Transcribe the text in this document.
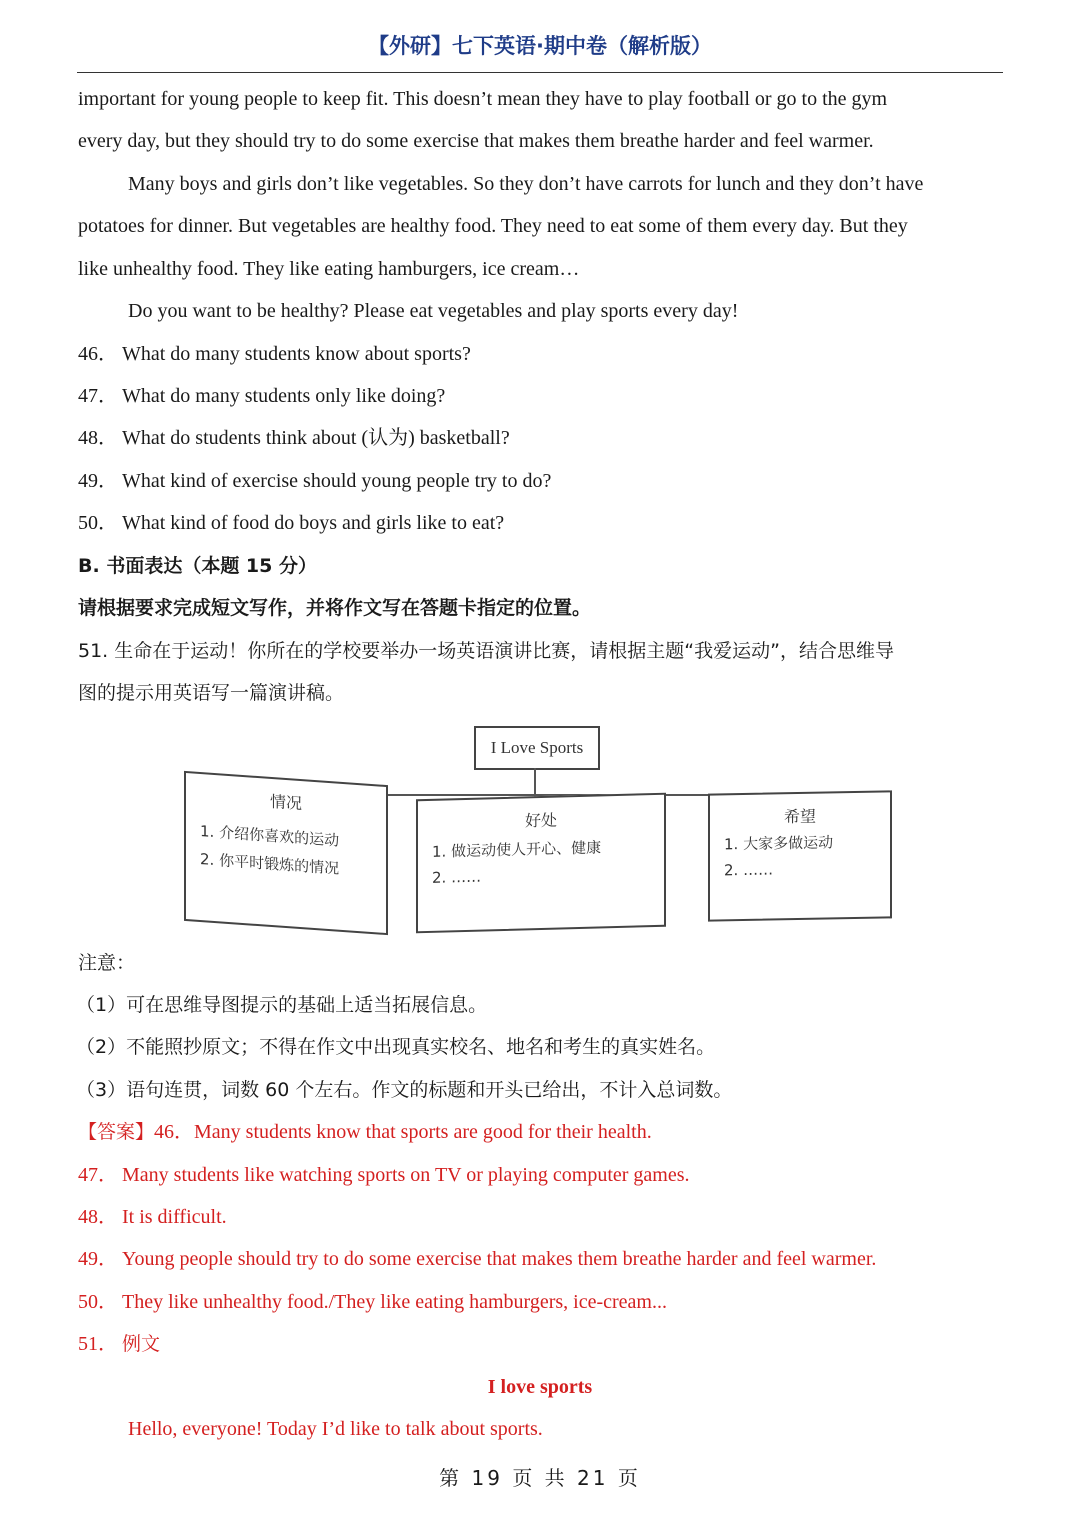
【外研】七下英语·期中卷（解析版）
important for young people to keep fit. This doesn’t mean they have to play football or go to the gym
every day, but they should try to do some exercise that makes them breathe harder and feel warmer.
Many boys and girls don’t like vegetables. So they don’t have carrots for lunch and they don’t have
potatoes for dinner. But vegetables are healthy food. They need to eat some of them every day. But they
like unhealthy food. They like eating hamburgers, ice cream…
Do you want to be healthy? Please eat vegetables and play sports every day!
46． What do many students know about sports?
47． What do many students only like doing?
48． What do students think about (认为) basketball?
49． What kind of exercise should young people try to do?
50． What kind of food do boys and girls like to eat?
B. 书面表达（本题 15 分）
请根据要求完成短文写作，并将作文写在答题卡指定的位置。
51. 生命在于运动！你所在的学校要举办一场英语演讲比赛，请根据主题“我爱运动”，结合思维导
图的提示用英语写一篇演讲稿。
I Love Sports
情况
1. 介绍你喜欢的运动
2. 你平时锻炼的情况
好处
1. 做运动使人开心、健康
2. ……
希望
1. 大家多做运动
2. ……
注意：
（1）可在思维导图提示的基础上适当拓展信息。
（2）不能照抄原文；不得在作文中出现真实校名、地名和考生的真实姓名。
（3）语句连贯，词数 60 个左右。作文的标题和开头已给出，不计入总词数。
【答案】46．Many students know that sports are good for their health.
47． Many students like watching sports on TV or playing computer games.
48． It is difficult.
49． Young people should try to do some exercise that makes them breathe harder and feel warmer.
50． They like unhealthy food./They like eating hamburgers, ice-cream...
51． 例文
I love sports
Hello, everyone! Today I’d like to talk about sports.
第 19 页 共 21 页
